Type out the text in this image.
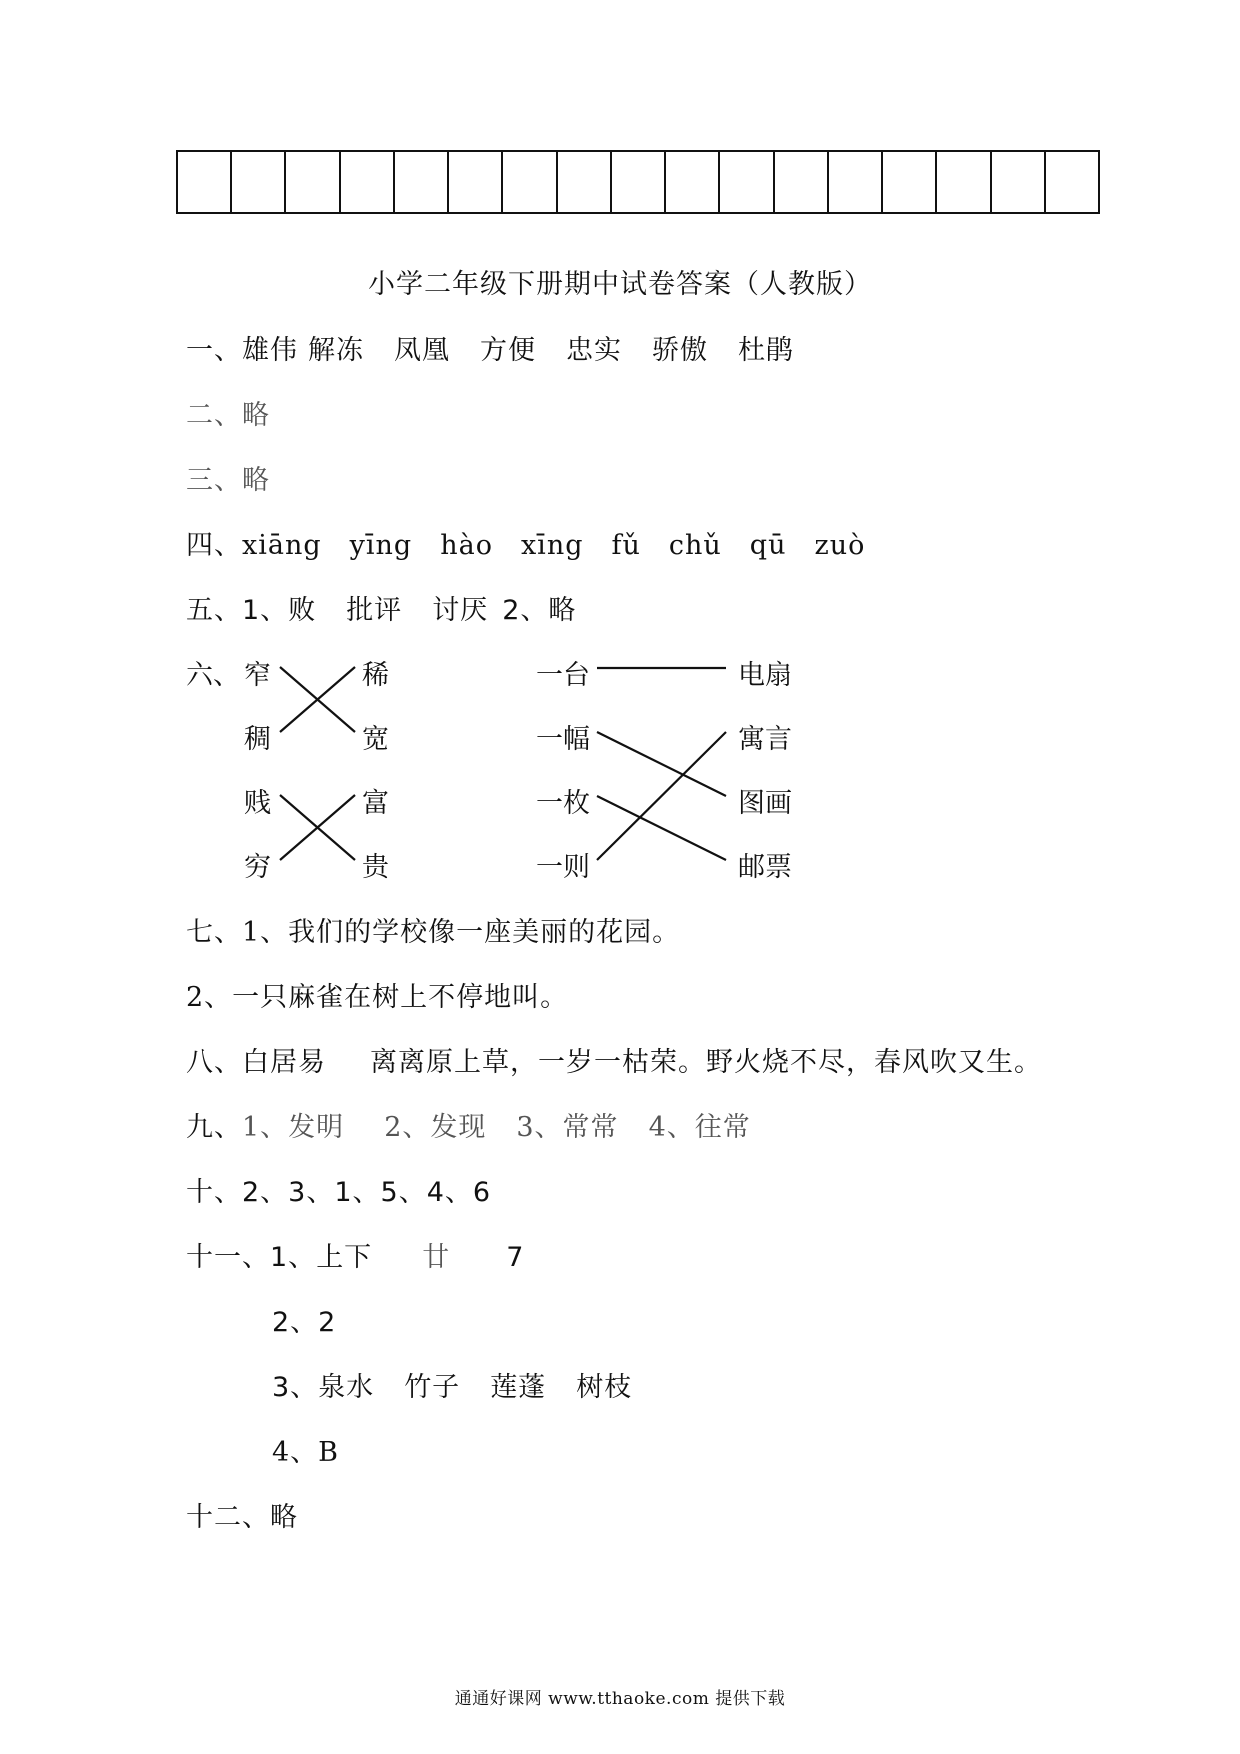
小学二年级下册期中试卷答案（人教版）
一、雄伟 解冻 凤凰 方便 忠实 骄傲 杜鹃
二、略
三、略
四、xiāng yīng hào xīng fǔ chǔ qū zuò
五、1、败 批评 讨厌 2、略
六、 窄
稠
稀
宽
贱
穷
富
贵
一台
一幅
一枚
一则
电扇
寓言
图画
邮票
七、1、我们的学校像一座美丽的花园。
2、一只麻雀在树上不停地叫。
八、白居易 离离原上草，一岁一枯荣。野火烧不尽，春风吹又生。
九、1、发明 2、发现 3、常常 4、往常
十、2、3、1、5、4、6
十一、1、上下 廿 7
2、2
3、泉水 竹子 莲蓬 树枝
4、B
十二、略
通通好课网 www.tthaoke.com 提供下载
